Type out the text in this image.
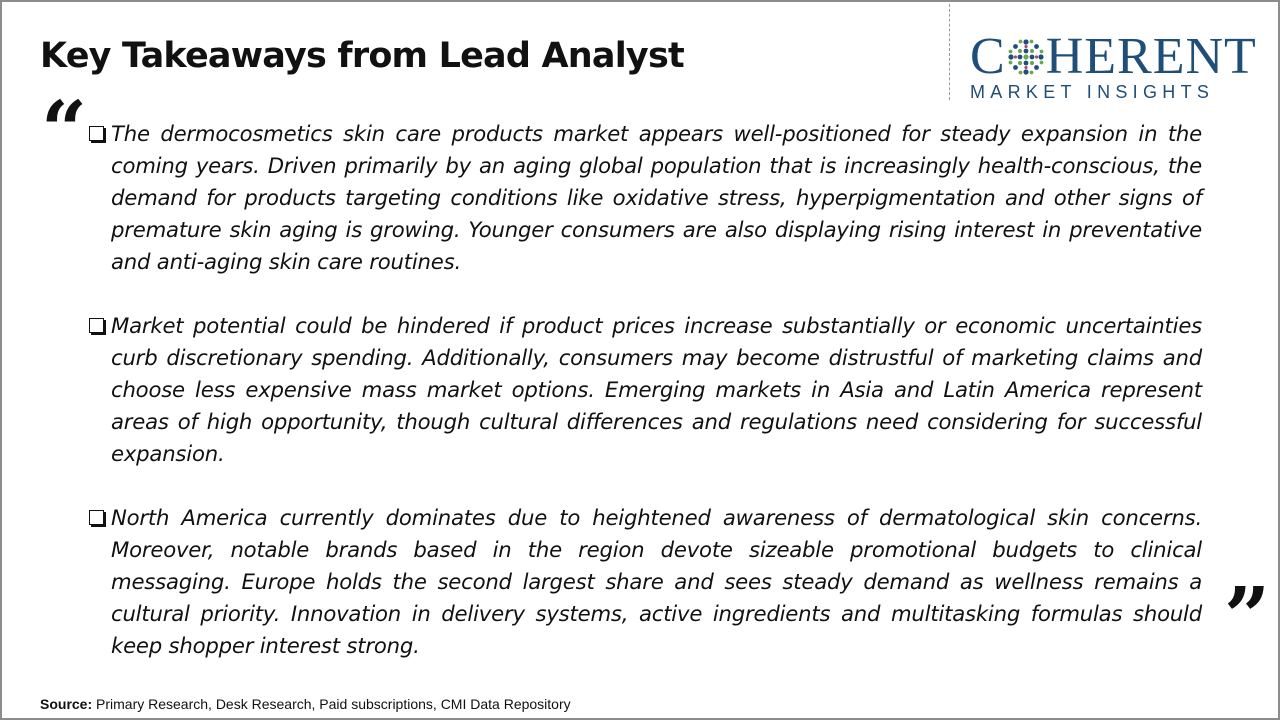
Key Takeaways from Lead Analyst	C HERENT
MARKET INSIGHTS
“
”
The dermocosmetics skin care products market appears well-positioned for steady expansion in the coming years. Driven primarily by an aging global population that is increasingly health-conscious, the demand for products targeting conditions like oxidative stress, hyperpigmentation and other signs of premature skin aging is growing. Younger consumers are also displaying rising interest in preventative and anti-aging skin care routines.
Market potential could be hindered if product prices increase substantially or economic uncertainties curb discretionary spending. Additionally, consumers may become distrustful of marketing claims and choose less expensive mass market options. Emerging markets in Asia and Latin America represent areas of high opportunity, though cultural differences and regulations need considering for successful expansion.
North America currently dominates due to heightened awareness of dermatological skin concerns. Moreover, notable brands based in the region devote sizeable promotional budgets to clinical messaging. Europe holds the second largest share and sees steady demand as wellness remains a cultural priority. Innovation in delivery systems, active ingredients and multitasking formulas should keep shopper interest strong.
Source: Primary Research, Desk Research, Paid subscriptions, CMI Data Repository
